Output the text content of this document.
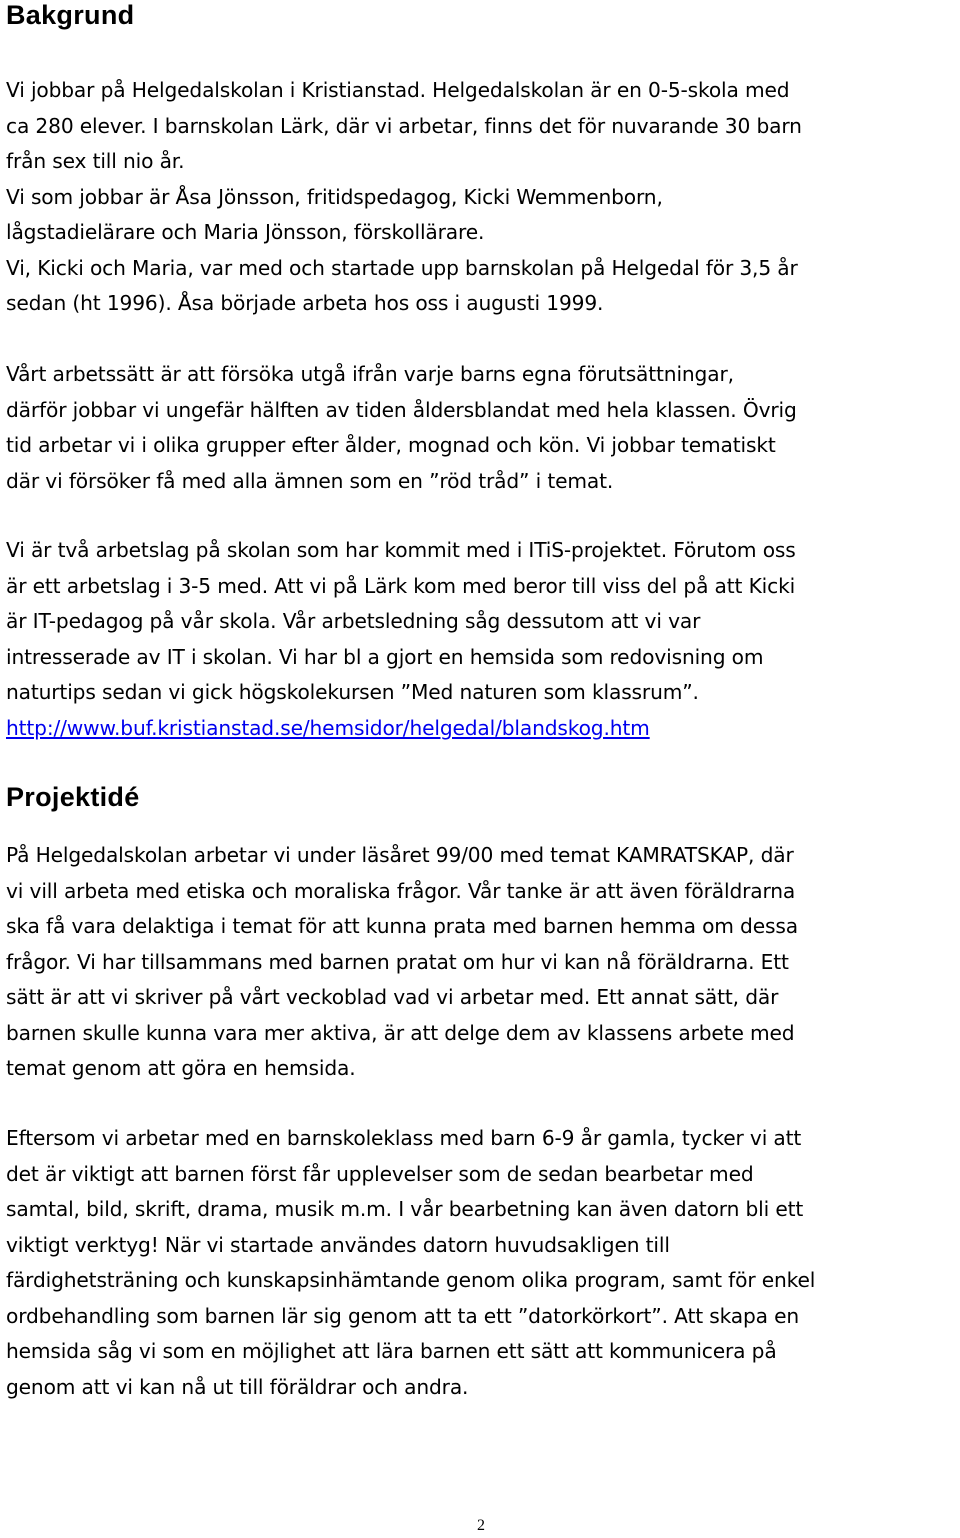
Bakgrund

Vi jobbar på Helgedalskolan i Kristianstad. Helgedalskolan är en 0-5-skola med
ca 280 elever. I barnskolan Lärk, där vi arbetar, finns det för nuvarande 30 barn
från sex till nio år.
Vi som jobbar är Åsa Jönsson, fritidspedagog, Kicki Wemmenborn,
lågstadielärare och Maria Jönsson, förskollärare.
Vi, Kicki och Maria, var med och startade upp barnskolan på Helgedal för 3,5 år
sedan (ht 1996). Åsa började arbeta hos oss i augusti 1999.

Vårt arbetssätt är att försöka utgå ifrån varje barns egna förutsättningar,
därför jobbar vi ungefär hälften av tiden åldersblandat med hela klassen. Övrig
tid arbetar vi i olika grupper efter ålder, mognad och kön. Vi jobbar tematiskt
där vi försöker få med alla ämnen som en ”röd tråd” i temat.

Vi är två arbetslag på skolan som har kommit med i ITiS-projektet. Förutom oss
är ett arbetslag i 3-5 med. Att vi på Lärk kom med beror till viss del på att Kicki
är IT-pedagog på vår skola. Vår arbetsledning såg dessutom att vi var
intresserade av IT i skolan. Vi har bl a gjort en hemsida som redovisning om
naturtips sedan vi gick högskolekursen ”Med naturen som klassrum”.
http://www.buf.kristianstad.se/hemsidor/helgedal/blandskog.htm

Projektidé

På Helgedalskolan arbetar vi under läsåret 99/00 med temat KAMRATSKAP, där
vi vill arbeta med etiska och moraliska frågor. Vår tanke är att även föräldrarna
ska få vara delaktiga i temat för att kunna prata med barnen hemma om dessa
frågor. Vi har tillsammans med barnen pratat om hur vi kan nå föräldrarna. Ett
sätt är att vi skriver på vårt veckoblad vad vi arbetar med. Ett annat sätt, där
barnen skulle kunna vara mer aktiva, är att delge dem av klassens arbete med
temat genom att göra en hemsida.

Eftersom vi arbetar med en barnskoleklass med barn 6-9 år gamla, tycker vi att
det är viktigt att barnen först får upplevelser som de sedan bearbetar med
samtal, bild, skrift, drama, musik m.m. I vår bearbetning kan även datorn bli ett
viktigt verktyg! När vi startade användes datorn huvudsakligen till
färdighetsträning och kunskapsinhämtande genom olika program, samt för enkel
ordbehandling som barnen lär sig genom att ta ett ”datorkörkort”. Att skapa en
hemsida såg vi som en möjlighet att lära barnen ett sätt att kommunicera på
genom att vi kan nå ut till föräldrar och andra.

2
